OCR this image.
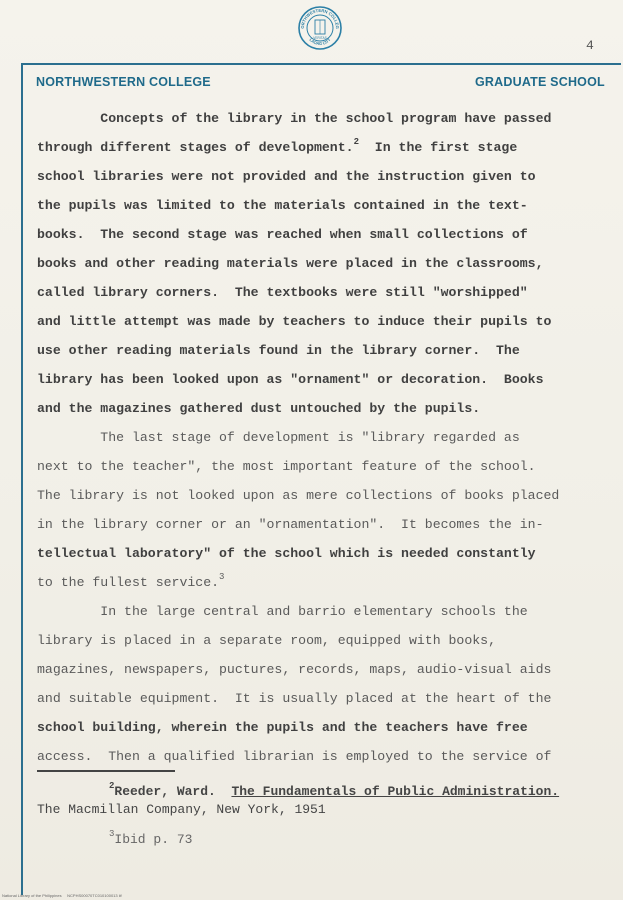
ORTHWESTERN COLLEG
LAOAG CITY
VERITAS	4
NORTHWESTERN COLLEGE	GRADUATE SCHOOL
Concepts of the library in the school program have passed
through different stages of development.$^2$  In the first stage
school libraries were not provided and the instruction given to
the pupils was limited to the materials contained in the text-
books.  The second stage was reached when small collections of
books and other reading materials were placed in the classrooms,
called library corners.  The textbooks were still "worshipped"
and little attempt was made by teachers to induce their pupils to
use other reading materials found in the library corner.  The
library has been looked upon as "ornament" or decoration.  Books
and the magazines gathered dust untouched by the pupils.
The last stage of development is "library regarded as
next to the teacher", the most important feature of the school.
The library is not looked upon as mere collections of books placed
in the library corner or an "ornamentation".  It becomes the in-
tellectual laboratory" of the school which is needed constantly
to the fullest service.$^3$
In the large central and barrio elementary schools the
library is placed in a separate room, equipped with books,
magazines, newspapers, puctures, records, maps, audio-visual aids
and suitable equipment.  It is usually placed at the heart of the
school building, wherein the pupils and the teachers have free
access.  Then a qualified librarian is employed to the service of
$^2$Reeder, Ward.  The Fundamentals of Public Administration.
The Macmillan Company, New York, 1951
$^3$Ibid p. 73
National Library of the Philippines     NCPHS00070TC010100013 iif
